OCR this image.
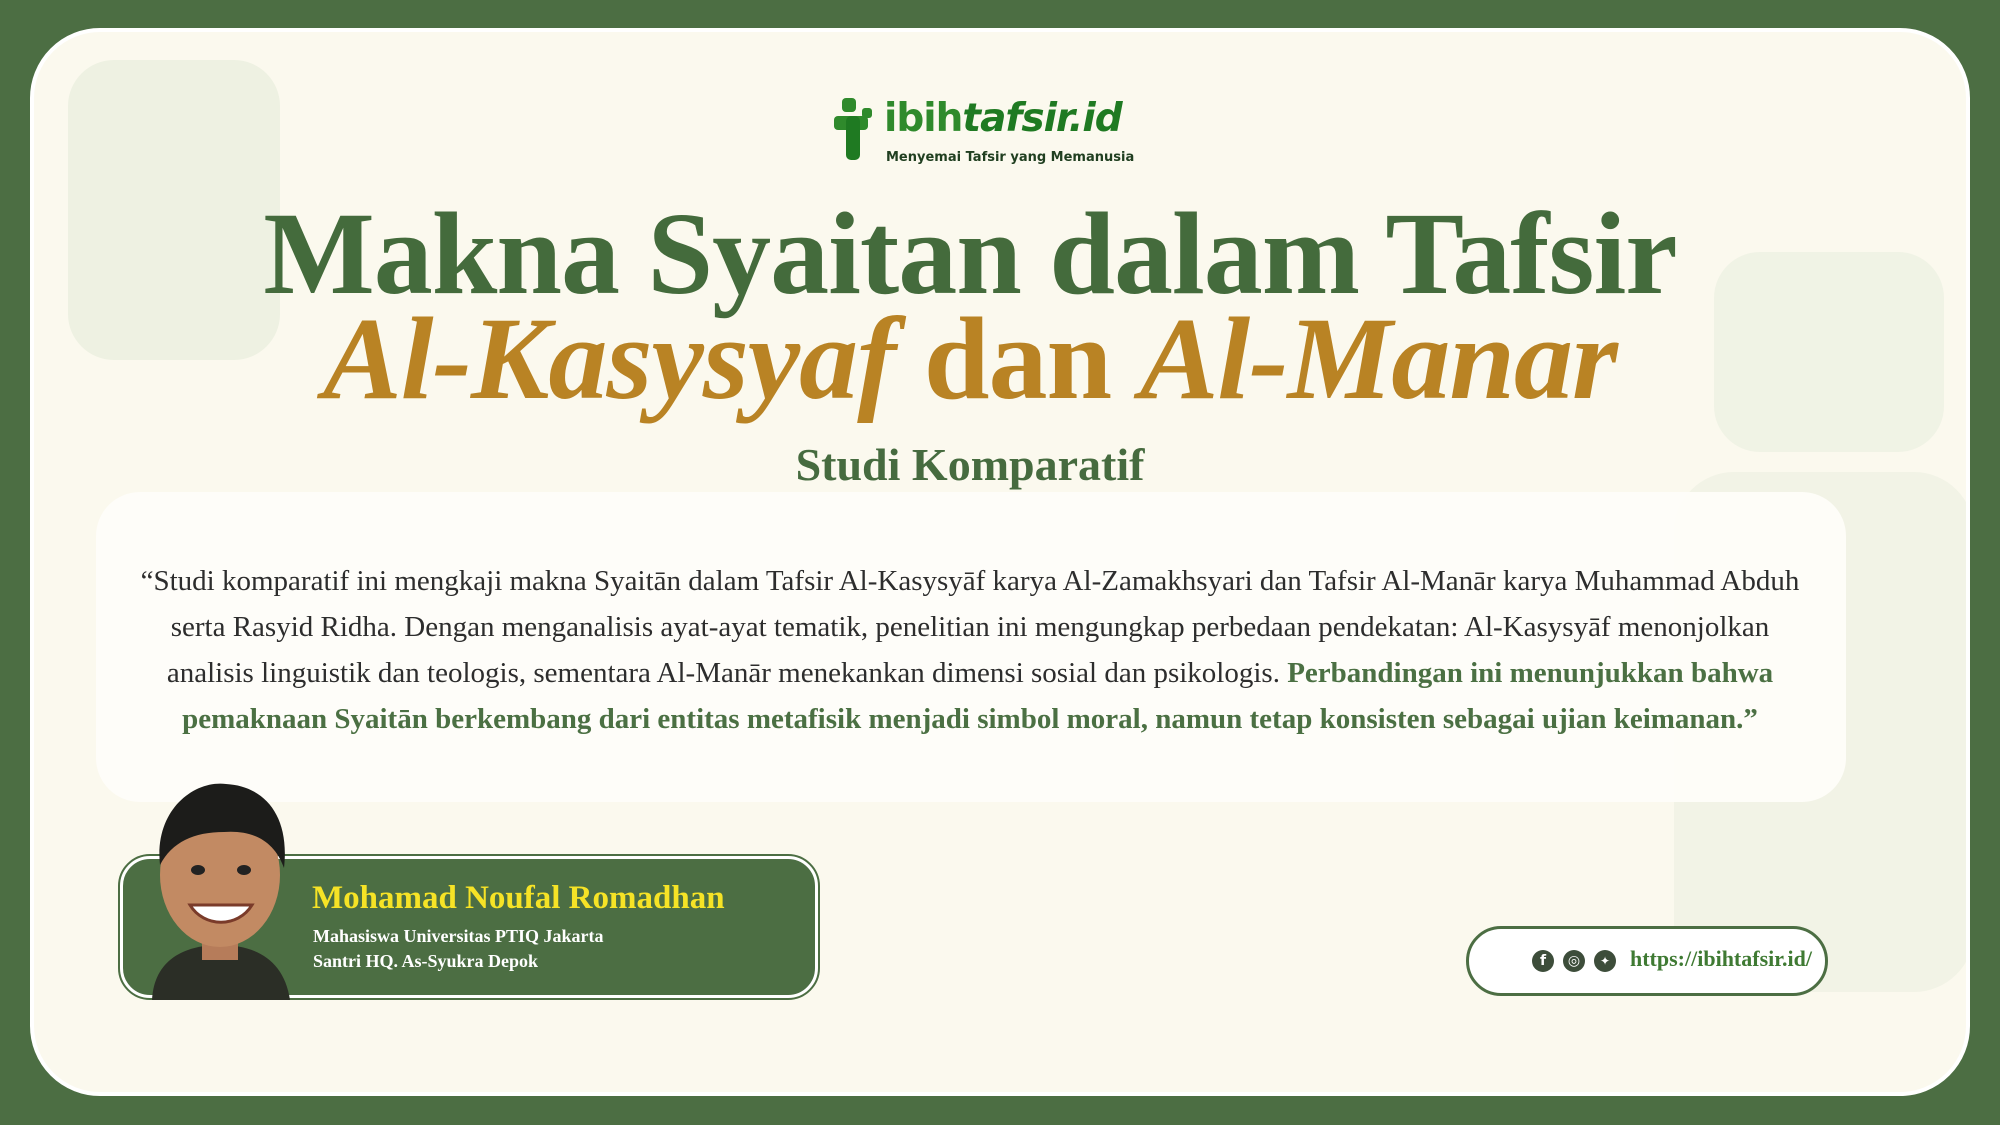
ibihtafsir.id
Menyemai Tafsir yang Memanusia
Makna Syaitan dalam Tafsir
Al-Kasysyaf dan Al-Manar
Studi Komparatif

“Studi komparatif ini mengkaji makna Syaitān dalam Tafsir Al-Kasysyāf karya Al-Zamakhsyari dan Tafsir Al-Manār karya Muhammad Abduh serta Rasyid Ridha. Dengan menganalisis ayat-ayat tematik, penelitian ini mengungkap perbedaan pendekatan: Al-Kasysyāf menonjolkan analisis linguistik dan teologis, sementara Al-Manār menekankan dimensi sosial dan psikologis. Perbandingan ini menunjukkan bahwa pemaknaan Syaitān berkembang dari entitas metafisik menjadi simbol moral, namun tetap konsisten sebagai ujian keimanan.”

Mohamad Noufal Romadhan
Mahasiswa Universitas PTIQ Jakarta
Santri HQ. As-Syukra Depok	f	◎	✦ https://ibihtafsir.id/
